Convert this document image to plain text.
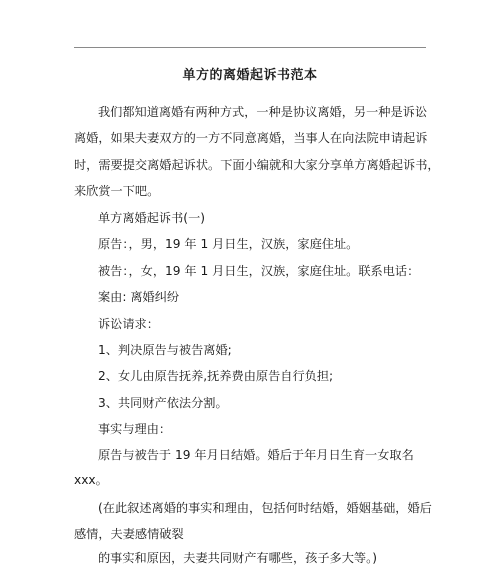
单方的离婚起诉书范本
我们都知道离婚有两种方式，一种是协议离婚，另一种是诉讼
离婚，如果夫妻双方的一方不同意离婚，当事人在向法院申请起诉
时，需要提交离婚起诉状。下面小编就和大家分享单方离婚起诉书，
来欣赏一下吧。
单方离婚起诉书(一)
原告：，男，19 年 1 月日生，汉族，家庭住址。
被告：，女，19 年 1 月日生，汉族，家庭住址。联系电话：
案由: 离婚纠纷
诉讼请求：
1、判决原告与被告离婚;
2、女儿由原告抚养,抚养费由原告自行负担;
3、共同财产依法分割。
事实与理由：
原告与被告于 19 年月日结婚。婚后于年月日生育一女取名
xxx。
(在此叙述离婚的事实和理由，包括何时结婚，婚姻基础，婚后
感情，夫妻感情破裂
的事实和原因，夫妻共同财产有哪些，孩子多大等。)
